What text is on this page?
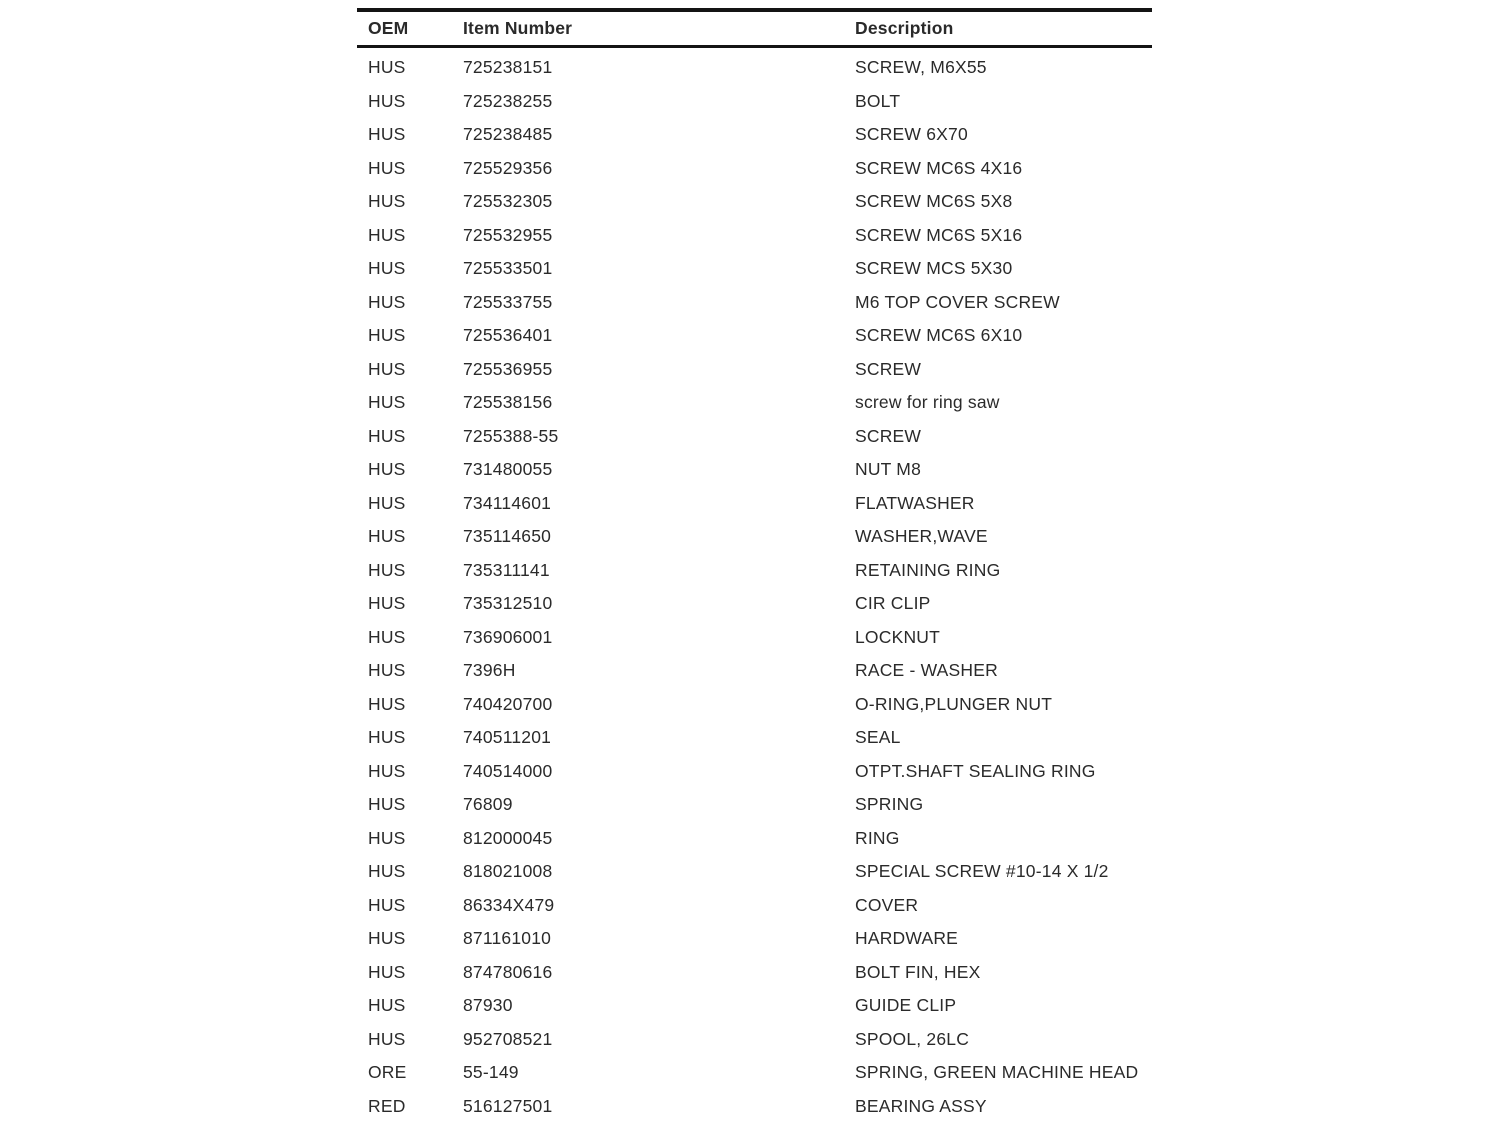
OEM	Item Number	Description
HUS	725238151	SCREW, M6X55
HUS	725238255	BOLT
HUS	725238485	SCREW 6X70
HUS	725529356	SCREW MC6S 4X16
HUS	725532305	SCREW MC6S 5X8
HUS	725532955	SCREW MC6S 5X16
HUS	725533501	SCREW MCS 5X30
HUS	725533755	M6 TOP COVER SCREW
HUS	725536401	SCREW MC6S 6X10
HUS	725536955	SCREW
HUS	725538156	screw for ring saw
HUS	7255388-55	SCREW
HUS	731480055	NUT M8
HUS	734114601	FLATWASHER
HUS	735114650	WASHER,WAVE
HUS	735311141	RETAINING RING
HUS	735312510	CIR CLIP
HUS	736906001	LOCKNUT
HUS	7396H	RACE - WASHER
HUS	740420700	O-RING,PLUNGER NUT
HUS	740511201	SEAL
HUS	740514000	OTPT.SHAFT SEALING RING
HUS	76809	SPRING
HUS	812000045	RING
HUS	818021008	SPECIAL SCREW #10-14 X 1/2
HUS	86334X479	COVER
HUS	871161010	HARDWARE
HUS	874780616	BOLT FIN, HEX
HUS	87930	GUIDE CLIP
HUS	952708521	SPOOL, 26LC
ORE	55-149	SPRING, GREEN MACHINE HEAD
RED	516127501	BEARING ASSY
